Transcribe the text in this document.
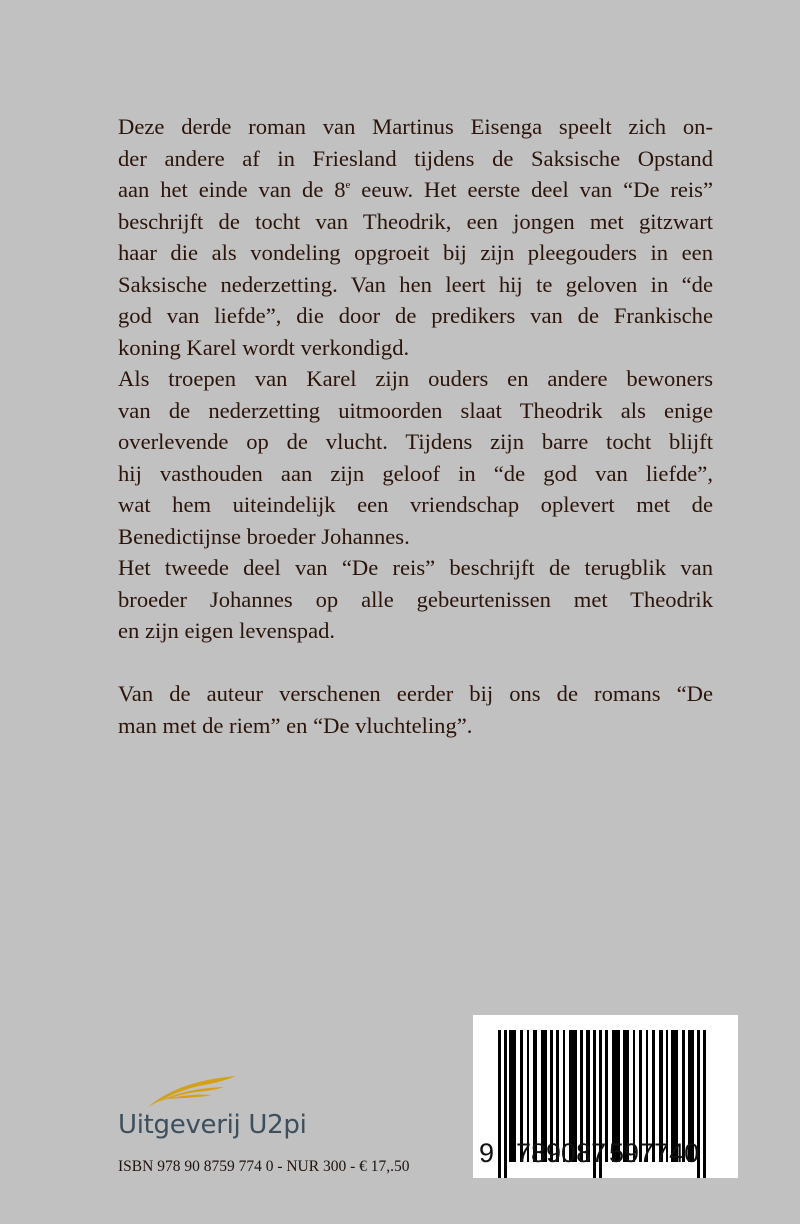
Deze derde roman van Martinus Eisenga speelt zich on-
der andere af in Friesland tijdens de Saksische Opstand
aan het einde van de 8e eeuw. Het eerste deel van “De reis”
beschrijft de tocht van Theodrik, een jongen met gitzwart
haar die als vondeling opgroeit bij zijn pleegouders in een
Saksische nederzetting. Van hen leert hij te geloven in “de
god van liefde”, die door de predikers van de Frankische
koning Karel wordt verkondigd.

Als troepen van Karel zijn ouders en andere bewoners
van de nederzetting uitmoorden slaat Theodrik als enige
overlevende op de vlucht. Tijdens zijn barre tocht blijft
hij vasthouden aan zijn geloof in “de god van liefde”,
wat hem uiteindelijk een vriendschap oplevert met de
Benedictijnse broeder Johannes.

Het tweede deel van “De reis” beschrijft de terugblik van
broeder Johannes op alle gebeurtenissen met Theodrik
en zijn eigen levenspad.

Van de auteur verschenen eerder bij ons de romans “De
man met de riem” en “De vluchteling”.

Uitgeverij U2pi
ISBN 978 90 8759 774 0 - NUR 300 - € 17,.50	9 789087 597740
